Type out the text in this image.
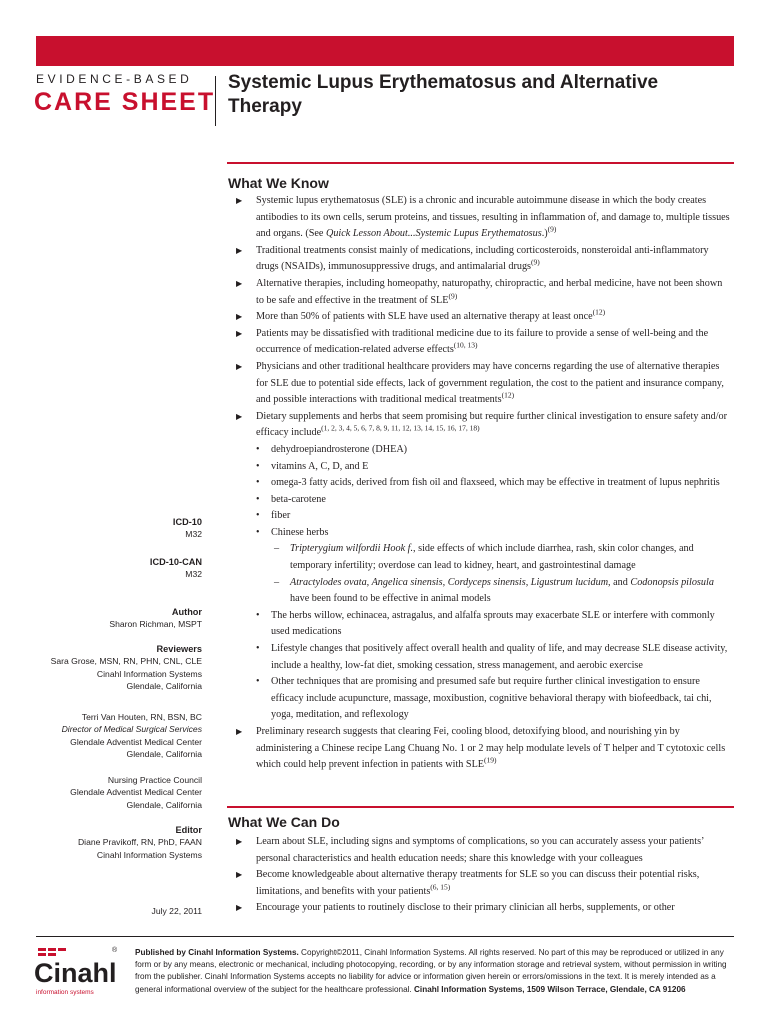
EVIDENCE-BASED
CARE SHEET
Systemic Lupus Erythematosus and Alternative Therapy
What We Know
▶ Systemic lupus erythematosus (SLE) is a chronic and incurable autoimmune disease in which the body creates antibodies to its own cells, serum proteins, and tissues, resulting in inflammation of, and damage to, multiple tissues and organs. (See Quick Lesson About...Systemic Lupus Erythematosus.)$^{(9)}$
▶ Traditional treatments consist mainly of medications, including corticosteroids, nonsteroidal anti-inflammatory drugs (NSAIDs), immunosuppressive drugs, and antimalarial drugs$^{(9)}$
▶ Alternative therapies, including homeopathy, naturopathy, chiropractic, and herbal medicine, have not been shown to be safe and effective in the treatment of SLE$^{(9)}$
▶ More than 50% of patients with SLE have used an alternative therapy at least once$^{(12)}$
▶ Patients may be dissatisfied with traditional medicine due to its failure to provide a sense of well-being and the occurrence of medication-related adverse effects$^{(10, 13)}$
▶ Physicians and other traditional healthcare providers may have concerns regarding the use of alternative therapies for SLE due to potential side effects, lack of government regulation, the cost to the patient and insurance company, and possible interactions with traditional medical treatments$^{(12)}$
▶ Dietary supplements and herbs that seem promising but require further clinical investigation to ensure safety and/or efficacy include$^{(1, 2, 3, 4, 5, 6, 7, 8, 9, 11, 12, 13, 14, 15, 16, 17, 18)}$
• dehydroepiandrosterone (DHEA)
• vitamins A, C, D, and E
• omega-3 fatty acids, derived from fish oil and flaxseed, which may be effective in treatment of lupus nephritis
• beta-carotene
• fiber
• Chinese herbs
– Tripterygium wilfordii Hook f., side effects of which include diarrhea, rash, skin color changes, and temporary infertility; overdose can lead to kidney, heart, and gastrointestinal damage
– Atractylodes ovata, Angelica sinensis, Cordyceps sinensis, Ligustrum lucidum, and Codonopsis pilosula have been found to be effective in animal models
• The herbs willow, echinacea, astragalus, and alfalfa sprouts may exacerbate SLE or interfere with commonly used medications
• Lifestyle changes that positively affect overall health and quality of life, and may decrease SLE disease activity, include a healthy, low-fat diet, smoking cessation, stress management, and aerobic exercise
• Other techniques that are promising and presumed safe but require further clinical investigation to ensure efficacy include acupuncture, massage, moxibustion, cognitive behavioral therapy with biofeedback, tai chi, yoga, meditation, and reflexology
▶ Preliminary research suggests that clearing Fei, cooling blood, detoxifying blood, and nourishing yin by administering a Chinese recipe Lang Chuang No. 1 or 2 may help modulate levels of T helper and T cytotoxic cells which could help prevent infection in patients with SLE$^{(19)}$
What We Can Do
▶ Learn about SLE, including signs and symptoms of complications, so you can accurately assess your patients’ personal characteristics and health education needs; share this knowledge with your colleagues
▶ Become knowledgeable about alternative therapy treatments for SLE so you can discuss their potential risks, limitations, and benefits with your patients$^{(6, 15)}$
▶ Encourage your patients to routinely disclose to their primary clinician all herbs, supplements, or other
ICD-10
M32
ICD-10-CAN
M32
Author
Sharon Richman, MSPT
Reviewers
Sara Grose, MSN, RN, PHN, CNL, CLE
Cinahl Information Systems
Glendale, California
Terri Van Houten, RN, BSN, BC
Director of Medical Surgical Services
Glendale Adventist Medical Center
Glendale, California
Nursing Practice Council
Glendale Adventist Medical Center
Glendale, California
Editor
Diane Pravikoff, RN, PhD, FAAN
Cinahl Information Systems
July 22, 2011
Cinahl
®
information systems
Published by Cinahl Information Systems. Copyright©2011, Cinahl Information Systems. All rights reserved. No part of this may be reproduced or utilized in any form or by any means, electronic or mechanical, including photocopying, recording, or by any information storage and retrieval system, without permission in writing from the publisher. Cinahl Information Systems accepts no liability for advice or information given herein or errors/omissions in the text. It is merely intended as a general informational overview of the subject for the healthcare professional. Cinahl Information Systems, 1509 Wilson Terrace, Glendale, CA 91206
